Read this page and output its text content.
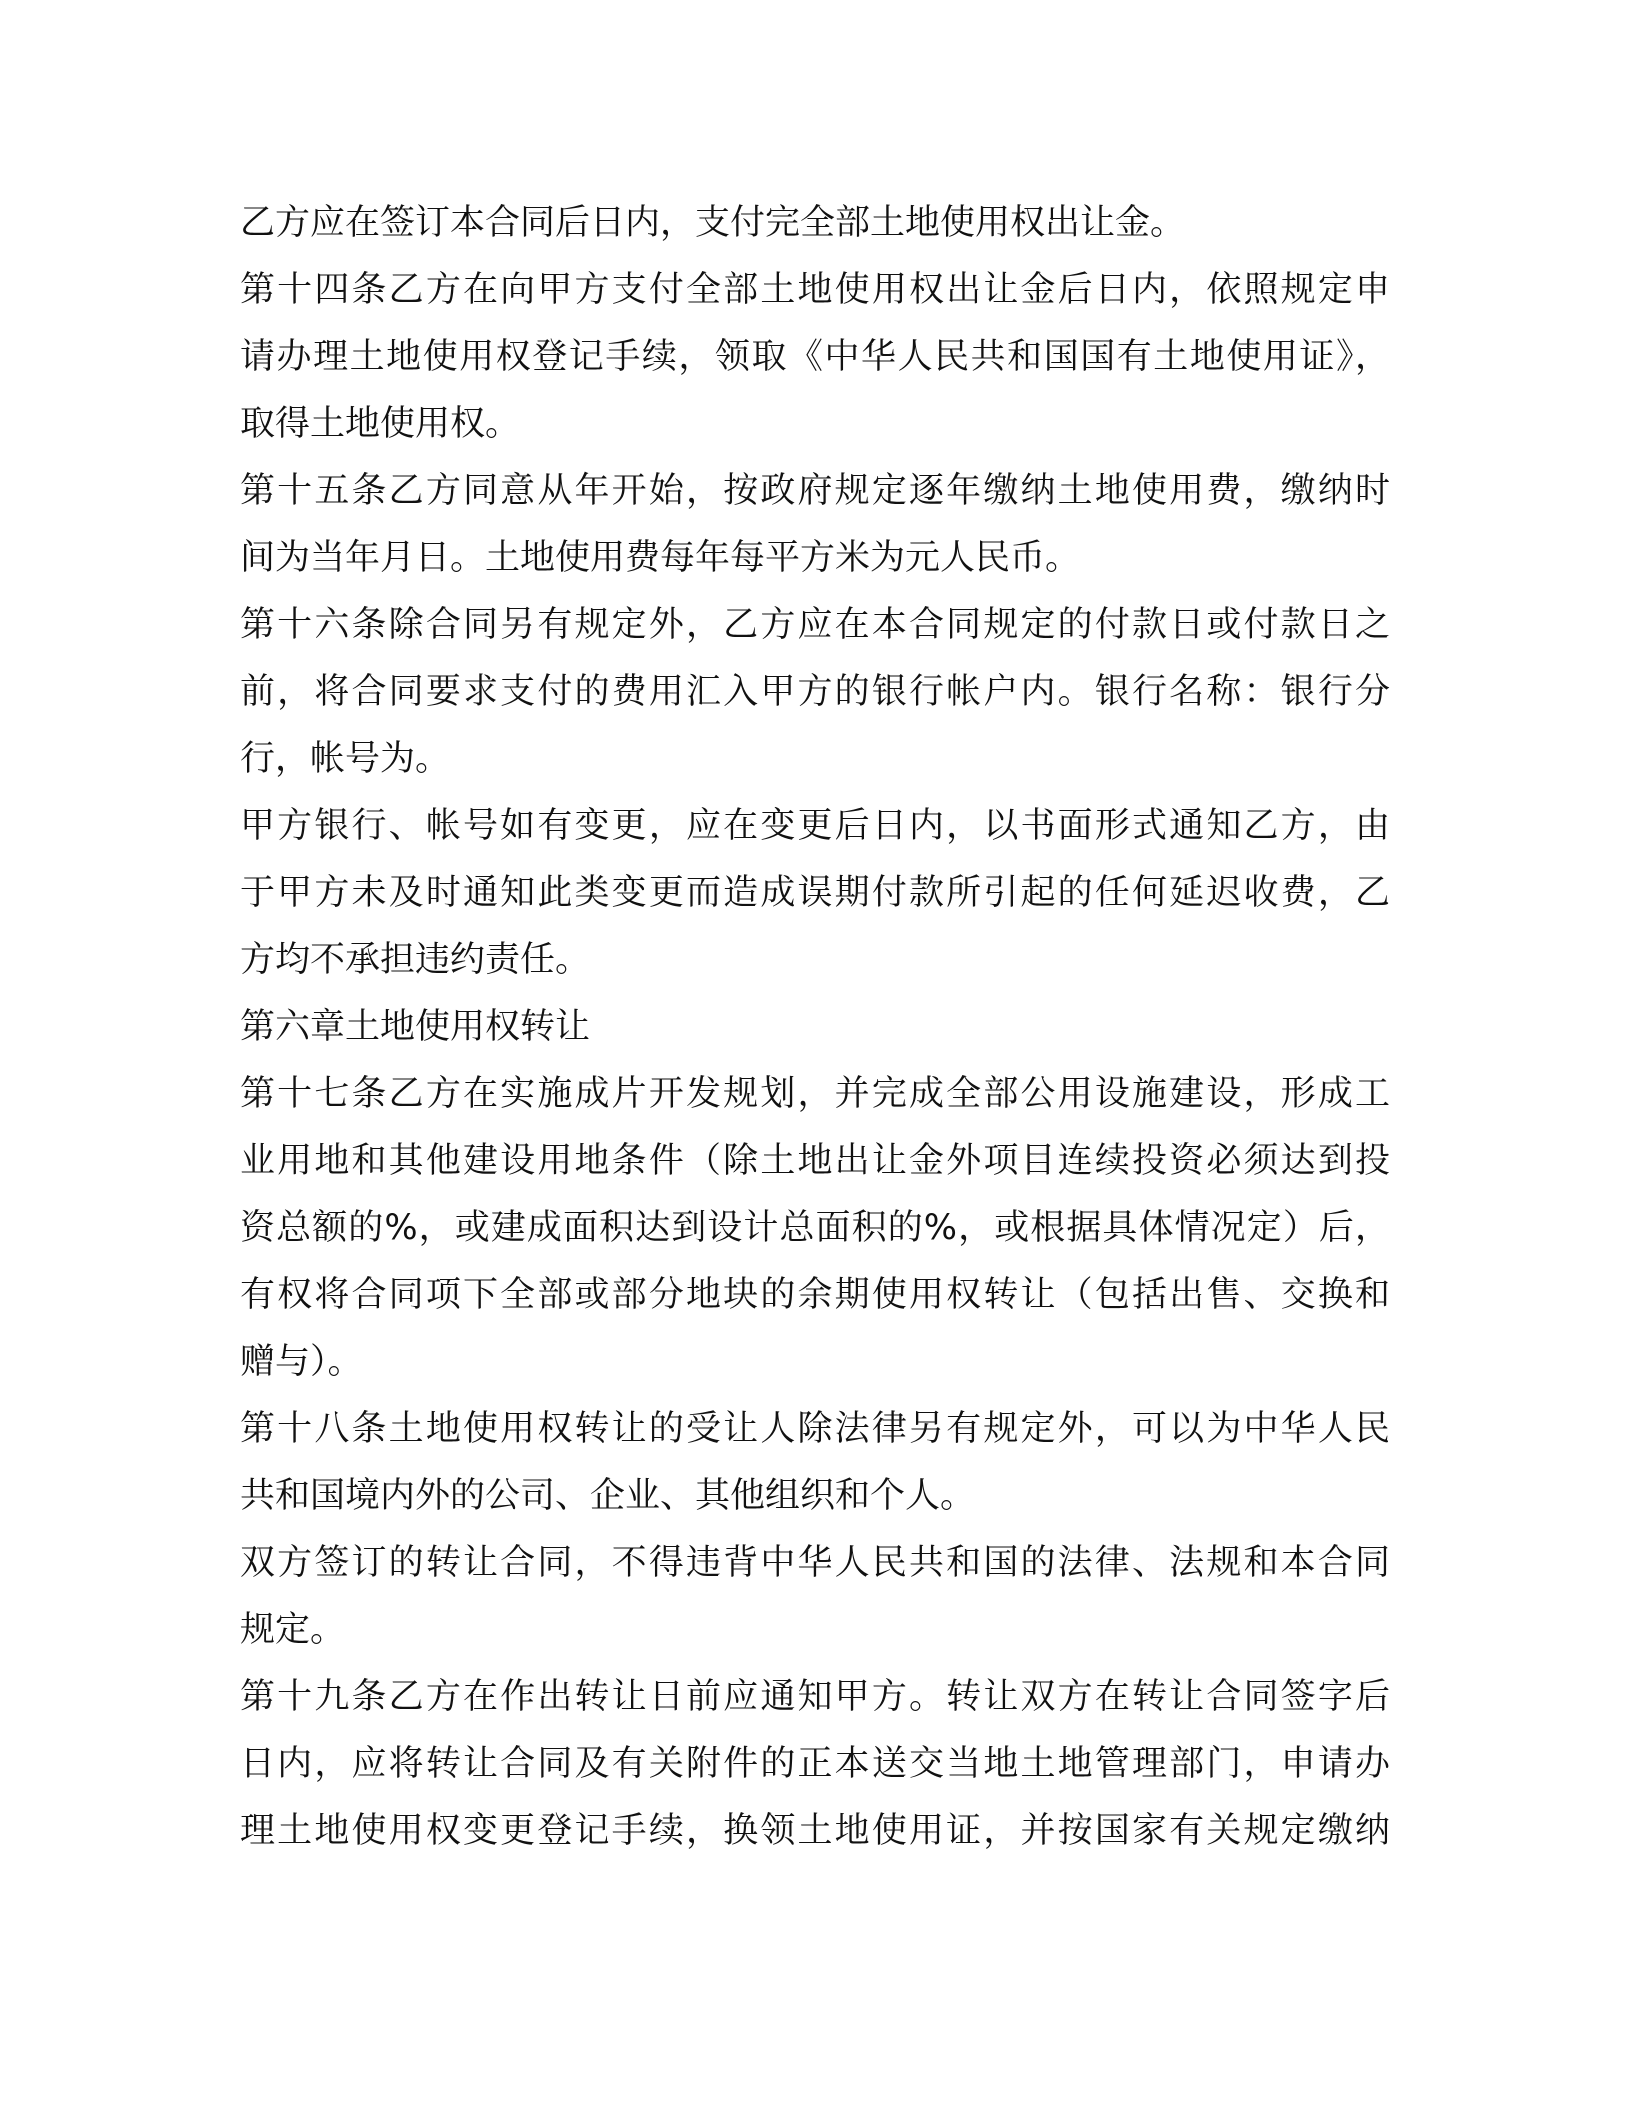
乙方应在签订本合同后日内，支付完全部土地使用权出让金。
第十四条乙方在向甲方支付全部土地使用权出让金后日内，依照规定申
请办理土地使用权登记手续，领取《中华人民共和国国有土地使用证》，
取得土地使用权。
第十五条乙方同意从年开始，按政府规定逐年缴纳土地使用费，缴纳时
间为当年月日。土地使用费每年每平方米为元人民币。
第十六条除合同另有规定外，乙方应在本合同规定的付款日或付款日之
前，将合同要求支付的费用汇入甲方的银行帐户内。银行名称：银行分
行，帐号为。
甲方银行、帐号如有变更，应在变更后日内，以书面形式通知乙方，由
于甲方未及时通知此类变更而造成误期付款所引起的任何延迟收费，乙
方均不承担违约责任。
第六章土地使用权转让
第十七条乙方在实施成片开发规划，并完成全部公用设施建设，形成工
业用地和其他建设用地条件（除土地出让金外项目连续投资必须达到投
资总额的%，或建成面积达到设计总面积的%，或根据具体情况定）后，
有权将合同项下全部或部分地块的余期使用权转让（包括出售、交换和
赠与）。
第十八条土地使用权转让的受让人除法律另有规定外，可以为中华人民
共和国境内外的公司、企业、其他组织和个人。
双方签订的转让合同，不得违背中华人民共和国的法律、法规和本合同
规定。
第十九条乙方在作出转让日前应通知甲方。转让双方在转让合同签字后
日内，应将转让合同及有关附件的正本送交当地土地管理部门，申请办
理土地使用权变更登记手续，换领土地使用证，并按国家有关规定缴纳
